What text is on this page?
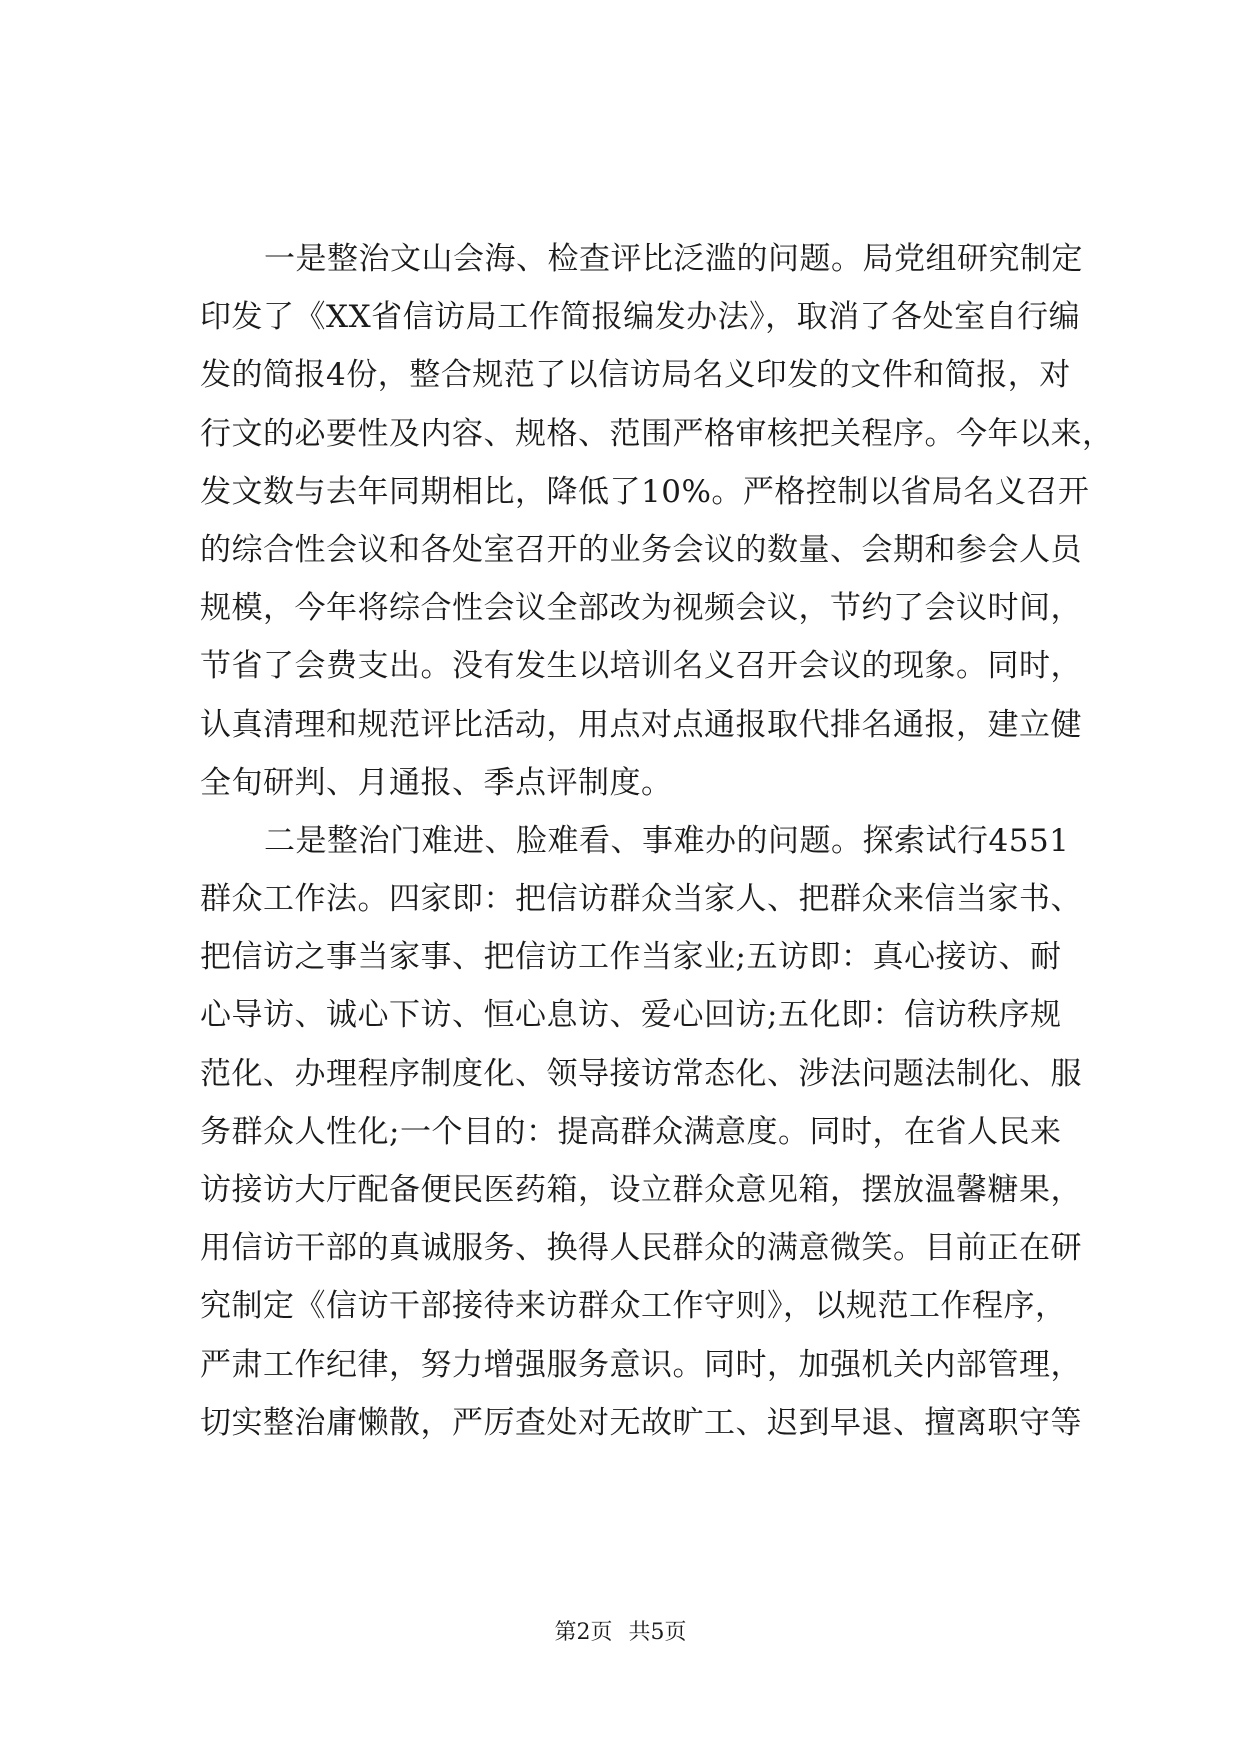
一是整治文山会海、检查评比泛滥的问题。局党组研究制定
印发了《XX省信访局工作简报编发办法》，取消了各处室自行编
发的简报4份，整合规范了以信访局名义印发的文件和简报，对
行文的必要性及内容、规格、范围严格审核把关程序。今年以来，
发文数与去年同期相比，降低了10%。严格控制以省局名义召开
的综合性会议和各处室召开的业务会议的数量、会期和参会人员
规模，今年将综合性会议全部改为视频会议，节约了会议时间，
节省了会费支出。没有发生以培训名义召开会议的现象。同时，
认真清理和规范评比活动，用点对点通报取代排名通报，建立健
全旬研判、月通报、季点评制度。
二是整治门难进、脸难看、事难办的问题。探索试行4551
群众工作法。四家即：把信访群众当家人、把群众来信当家书、
把信访之事当家事、把信访工作当家业;五访即：真心接访、耐
心导访、诚心下访、恒心息访、爱心回访;五化即：信访秩序规
范化、办理程序制度化、领导接访常态化、涉法问题法制化、服
务群众人性化;一个目的：提高群众满意度。同时，在省人民来
访接访大厅配备便民医药箱，设立群众意见箱，摆放温馨糖果，
用信访干部的真诚服务、换得人民群众的满意微笑。目前正在研
究制定《信访干部接待来访群众工作守则》，以规范工作程序，
严肃工作纪律，努力增强服务意识。同时，加强机关内部管理，
切实整治庸懒散，严厉查处对无故旷工、迟到早退、擅离职守等
第2页 共5页
